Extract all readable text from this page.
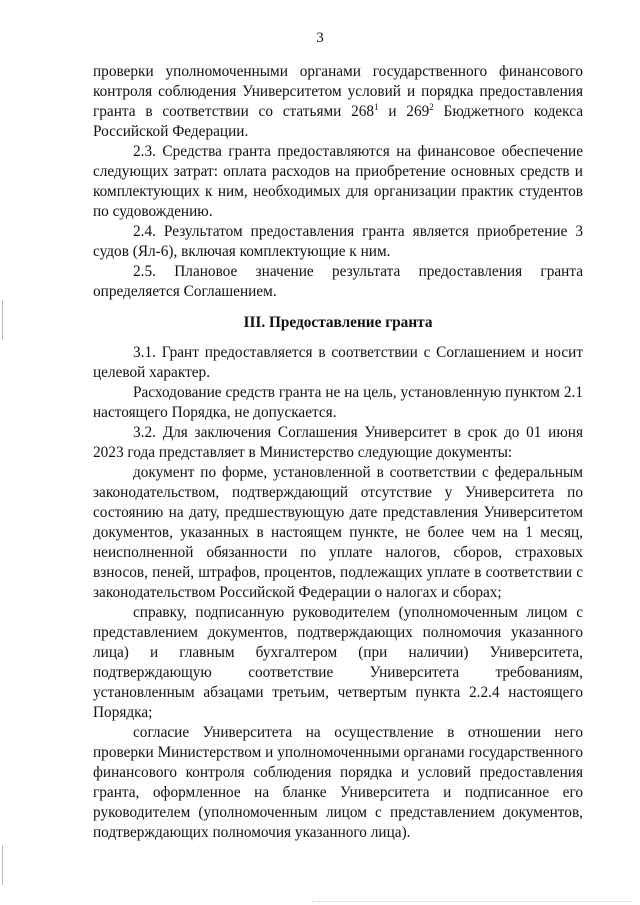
3

проверки уполномоченными органами государственного финансового контроля соблюдения Университетом условий и порядка предоставления гранта в соответствии со статьями $268^1$ и $269^2$ Бюджетного кодекса Российской Федерации.

2.3. Средства гранта предоставляются на финансовое обеспечение следующих затрат: оплата расходов на приобретение основных средств и комплектующих к ним, необходимых для организации практик студентов по судовождению.

2.4. Результатом предоставления гранта является приобретение 3 судов (Ял-6), включая комплектующие к ним.

2.5. Плановое значение результата предоставления гранта определяется Соглашением.

III. Предоставление гранта

3.1. Грант предоставляется в соответствии с Соглашением и носит целевой характер.

Расходование средств гранта не на цель, установленную пунктом 2.1 настоящего Порядка, не допускается.

3.2. Для заключения Соглашения Университет в срок до 01 июня 2023 года представляет в Министерство следующие документы:

документ по форме, установленной в соответствии с федеральным законодательством, подтверждающий отсутствие у Университета по состоянию на дату, предшествующую дате представления Университетом документов, указанных в настоящем пункте, не более чем на 1 месяц, неисполненной обязанности по уплате налогов, сборов, страховых взносов, пеней, штрафов, процентов, подлежащих уплате в соответствии с законодательством Российской Федерации о налогах и сборах;

справку, подписанную руководителем (уполномоченным лицом с представлением документов, подтверждающих полномочия указанного лица) и главным бухгалтером (при наличии) Университета, подтверждающую соответствие Университета требованиям, установленным абзацами третьим, четвертым пункта 2.2.4 настоящего Порядка;

согласие Университета на осуществление в отношении него проверки Министерством и уполномоченными органами государственного финансового контроля соблюдения порядка и условий предоставления гранта, оформленное на бланке Университета и подписанное его руководителем (уполномоченным лицом с представлением документов, подтверждающих полномочия указанного лица).
